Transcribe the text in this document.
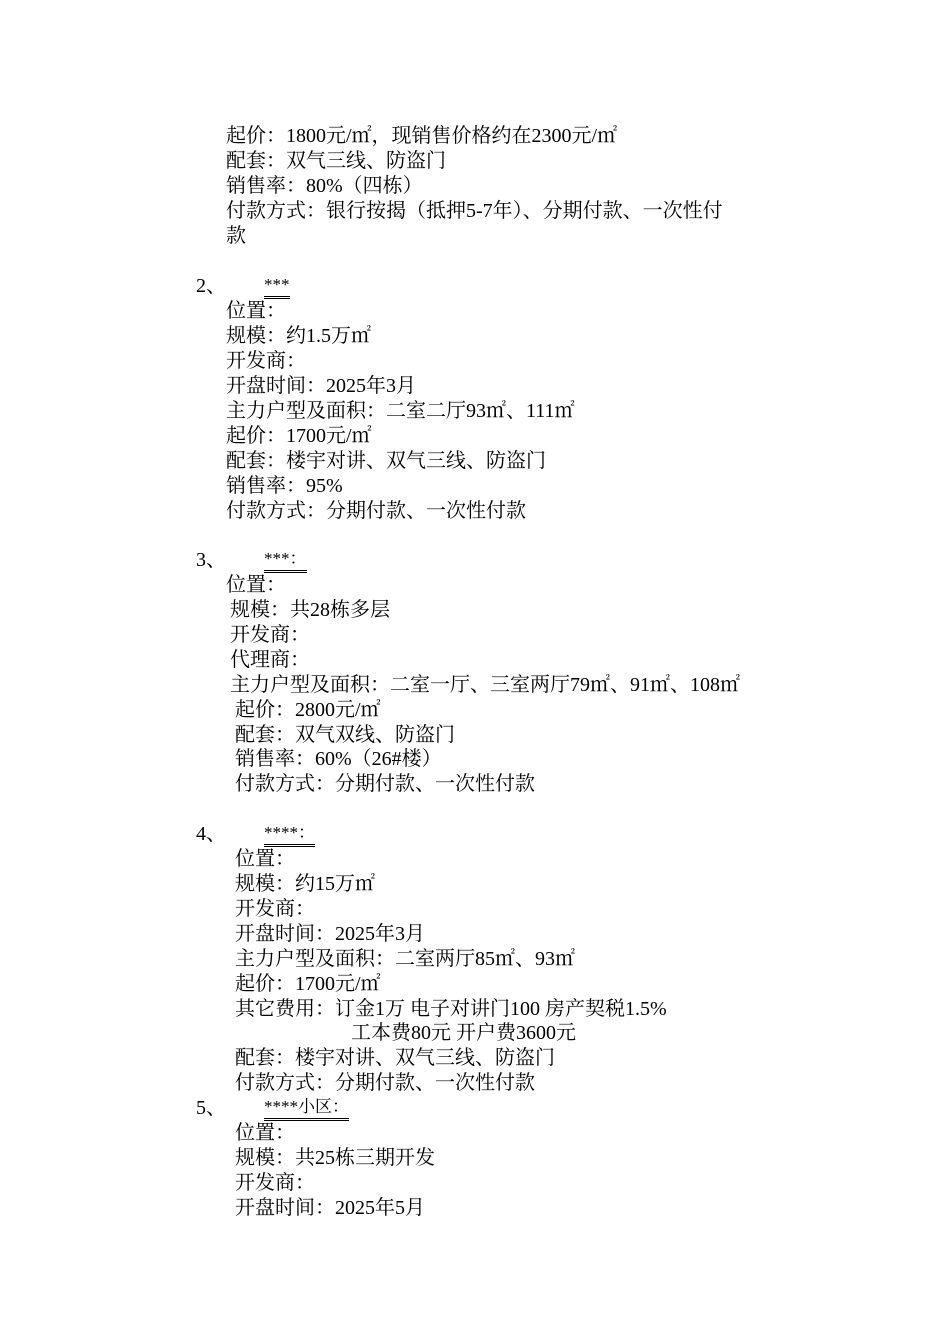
起价：1800元/㎡，现销售价格约在2300元/㎡
配套：双气三线、防盗门
销售率：80%（四栋）
付款方式：银行按揭（抵押5-7年）、分期付款、一次性付
款
2、 ***
位置：
规模：约1.5万㎡
开发商：
开盘时间：2025年3月
主力户型及面积：二室二厅93㎡、111㎡
起价：1700元/㎡
配套：楼宇对讲、双气三线、防盗门
销售率：95%
付款方式：分期付款、一次性付款
3、 ***：
位置：
规模：共28栋多层
开发商：
代理商：
主力户型及面积：二室一厅、三室两厅79㎡、91㎡、108㎡
起价：2800元/㎡
配套：双气双线、防盗门
销售率：60%（26#楼）
付款方式：分期付款、一次性付款
4、 ****：
位置：
规模：约15万㎡
开发商：
开盘时间：2025年3月
主力户型及面积：二室两厅85㎡、93㎡
起价：1700元/㎡
其它费用：订金1万 电子对讲门100 房产契税1.5%
工本费80元 开户费3600元
配套：楼宇对讲、双气三线、防盗门
付款方式：分期付款、一次性付款
5、 ****小区：
位置：
规模：共25栋三期开发
开发商：
开盘时间：2025年5月
